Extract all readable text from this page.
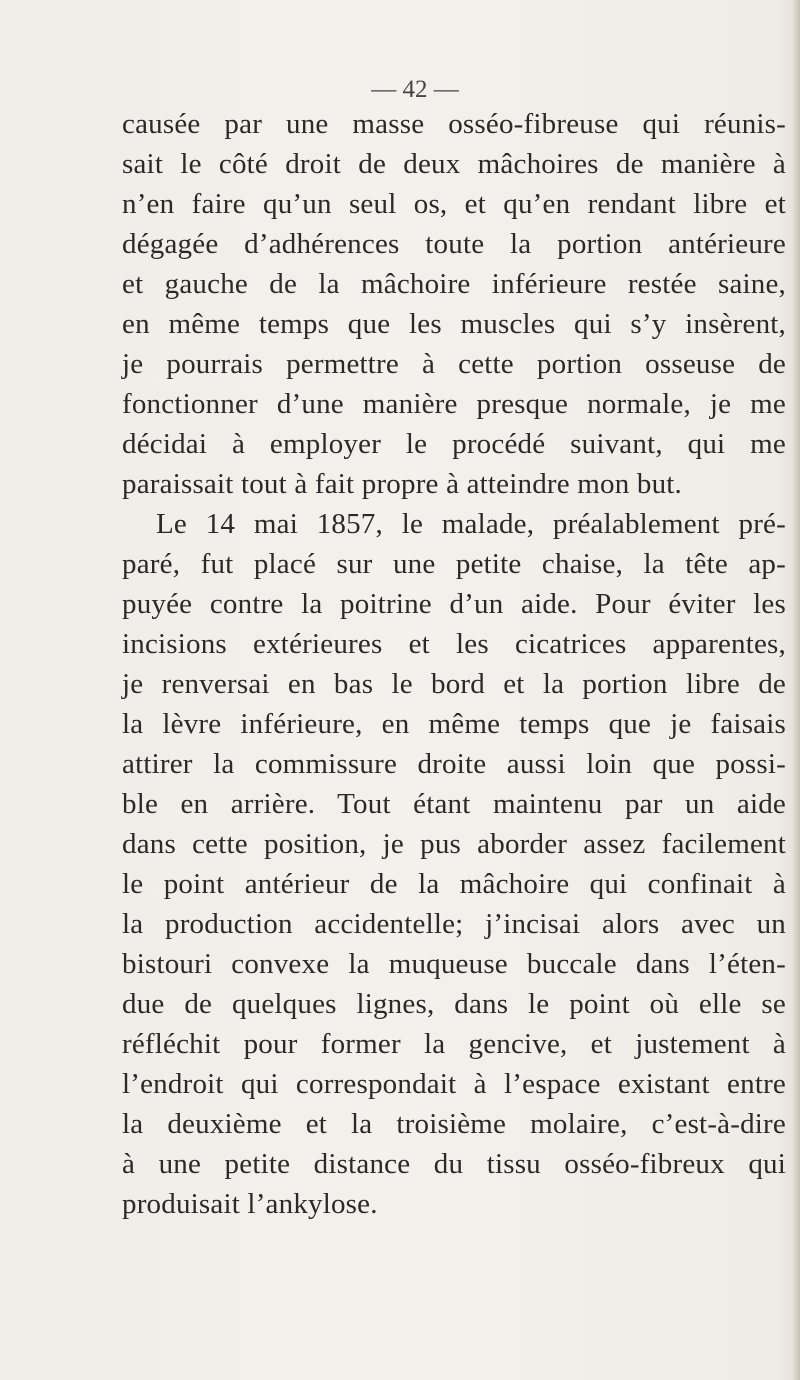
— 42 —
causée par une masse osséo-fibreuse qui réunis-
sait le côté droit de deux mâchoires de manière à
n’en faire qu’un seul os, et qu’en rendant libre et
dégagée d’adhérences toute la portion antérieure
et gauche de la mâchoire inférieure restée saine,
en même temps que les muscles qui s’y insèrent,
je pourrais permettre à cette portion osseuse de
fonctionner d’une manière presque normale, je me
décidai à employer le procédé suivant, qui me
paraissait tout à fait propre à atteindre mon but.
Le 14 mai 1857, le malade, préalablement pré-
paré, fut placé sur une petite chaise, la tête ap-
puyée contre la poitrine d’un aide. Pour éviter les
incisions extérieures et les cicatrices apparentes,
je renversai en bas le bord et la portion libre de
la lèvre inférieure, en même temps que je faisais
attirer la commissure droite aussi loin que possi-
ble en arrière. Tout étant maintenu par un aide
dans cette position, je pus aborder assez facilement
le point antérieur de la mâchoire qui confinait à
la production accidentelle; j’incisai alors avec un
bistouri convexe la muqueuse buccale dans l’éten-
due de quelques lignes, dans le point où elle se
réfléchit pour former la gencive, et justement à
l’endroit qui correspondait à l’espace existant entre
la deuxième et la troisième molaire, c’est-à-dire
à une petite distance du tissu osséo-fibreux qui
produisait l’ankylose.
